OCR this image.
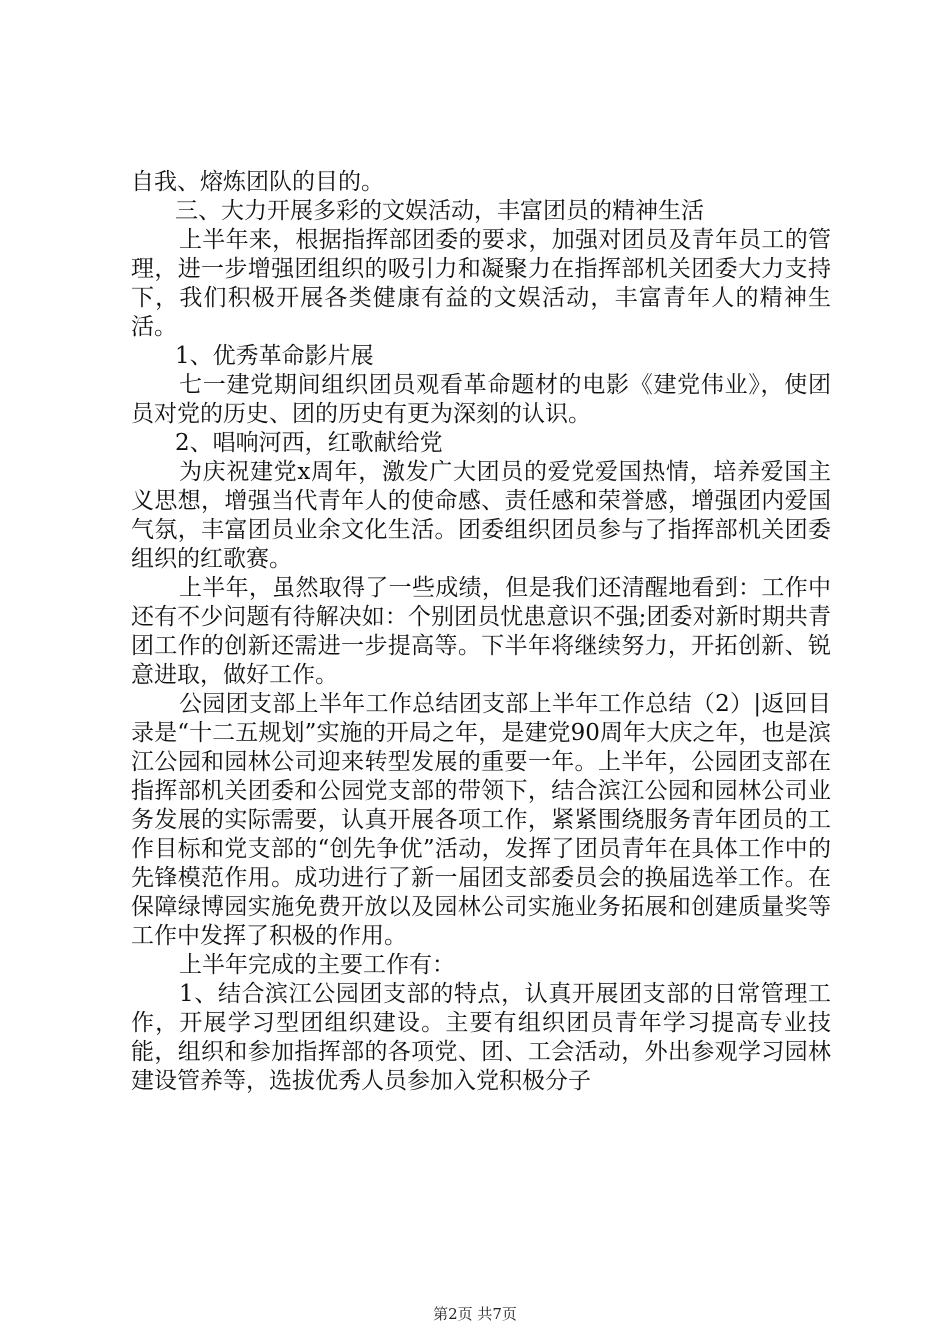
自我、熔炼团队的目的。

三、大力开展多彩的文娱活动，丰富团员的精神生活

上半年来，根据指挥部团委的要求，加强对团员及青年员工的管理，进一步增强团组织的吸引力和凝聚力在指挥部机关团委大力支持下，我们积极开展各类健康有益的文娱活动，丰富青年人的精神生活。

1、优秀革命影片展

七一建党期间组织团员观看革命题材的电影《建党伟业》，使团员对党的历史、团的历史有更为深刻的认识。

2、唱响河西，红歌献给党

为庆祝建党x周年，激发广大团员的爱党爱国热情，培养爱国主义思想，增强当代青年人的使命感、责任感和荣誉感，增强团内爱国气氛，丰富团员业余文化生活。团委组织团员参与了指挥部机关团委组织的红歌赛。

上半年，虽然取得了一些成绩，但是我们还清醒地看到：工作中还有不少问题有待解决如：个别团员忧患意识不强;团委对新时期共青团工作的创新还需进一步提高等。下半年将继续努力，开拓创新、锐意进取，做好工作。

公园团支部上半年工作总结团支部上半年工作总结（2）|返回目录是“十二五规划”实施的开局之年，是建党90周年大庆之年，也是滨江公园和园林公司迎来转型发展的重要一年。上半年，公园团支部在指挥部机关团委和公园党支部的带领下，结合滨江公园和园林公司业务发展的实际需要，认真开展各项工作，紧紧围绕服务青年团员的工作目标和党支部的“创先争优”活动，发挥了团员青年在具体工作中的先锋模范作用。成功进行了新一届团支部委员会的换届选举工作。在保障绿博园实施免费开放以及园林公司实施业务拓展和创建质量奖等工作中发挥了积极的作用。

上半年完成的主要工作有：

1、结合滨江公园团支部的特点，认真开展团支部的日常管理工作，开展学习型团组织建设。主要有组织团员青年学习提高专业技能，组织和参加指挥部的各项党、团、工会活动，外出参观学习园林建设管养等，选拔优秀人员参加入党积极分子

第2页 共7页
